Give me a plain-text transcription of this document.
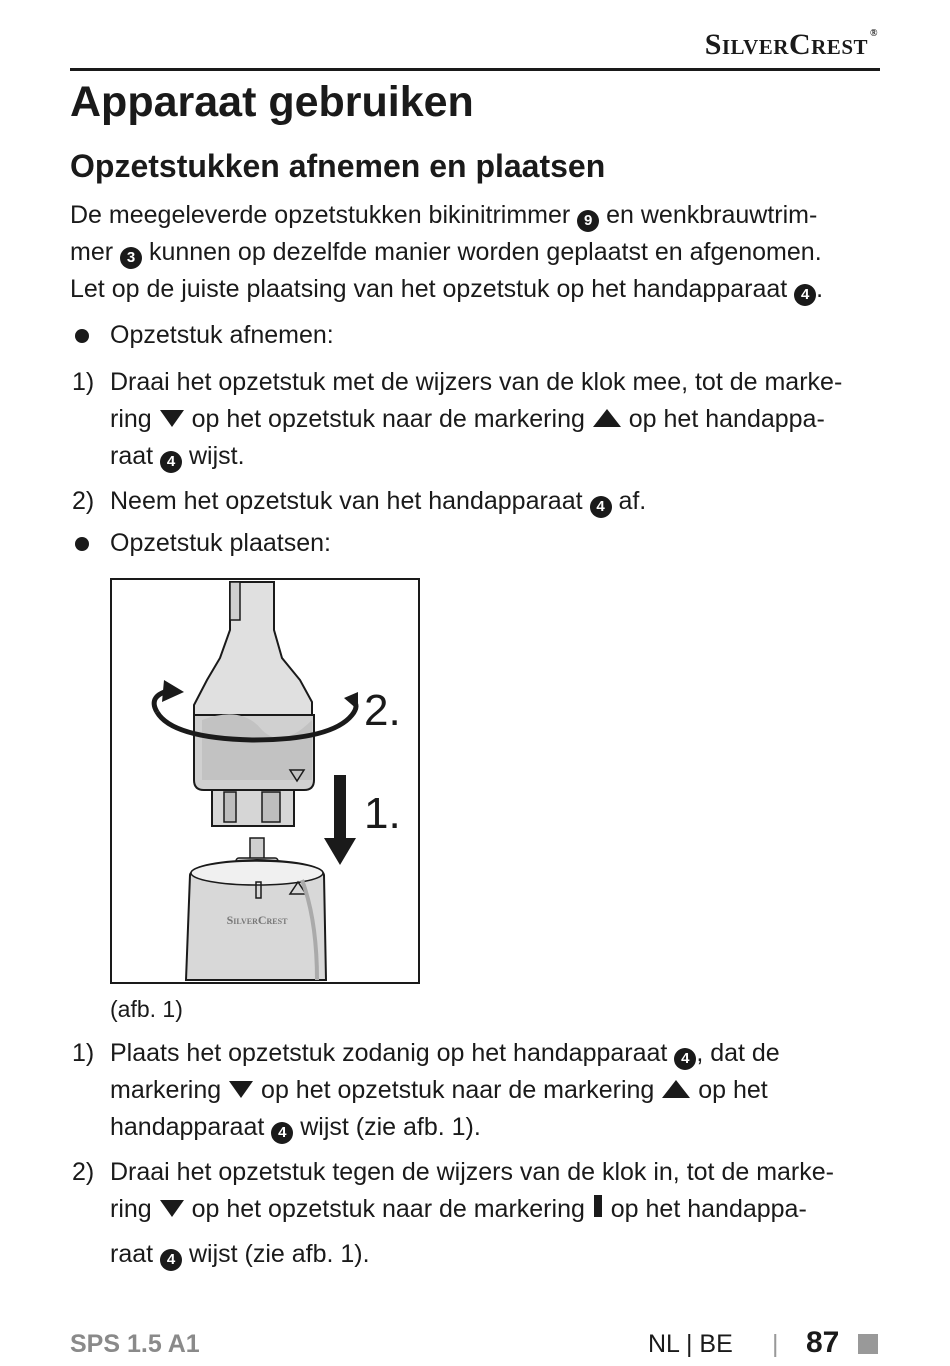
SilverCrest ®
Apparaat gebruiken
Opzetstukken afnemen en plaatsen
De meegeleverde opzetstukken bikinitrimmer 9 en wenkbrauwtrim-
mer 3 kunnen op dezelfde manier worden geplaatst en afgenomen.
Let op de juiste plaatsing van het opzetstuk op het handapparaat 4 .
Opzetstuk afnemen:
1) Draai het opzetstuk met de wijzers van de klok mee, tot de marke-
ring  op het opzetstuk naar de markering  op het handappa-
raat 4 wijst.
2) Neem het opzetstuk van het handapparaat 4 af.
Opzetstuk plaatsen:
2.
1.
SilverCrest
(afb. 1)
1) Plaats het opzetstuk zodanig op het handapparaat 4 , dat de
markering  op het opzetstuk naar de markering  op het
handapparaat 4 wijst (zie afb. 1).
2) Draai het opzetstuk tegen de wijzers van de klok in, tot de marke-
ring  op het opzetstuk naar de markering  op het handappa-
raat 4 wijst (zie afb. 1).
SPS 1.5 A1	NL | BE | 87
